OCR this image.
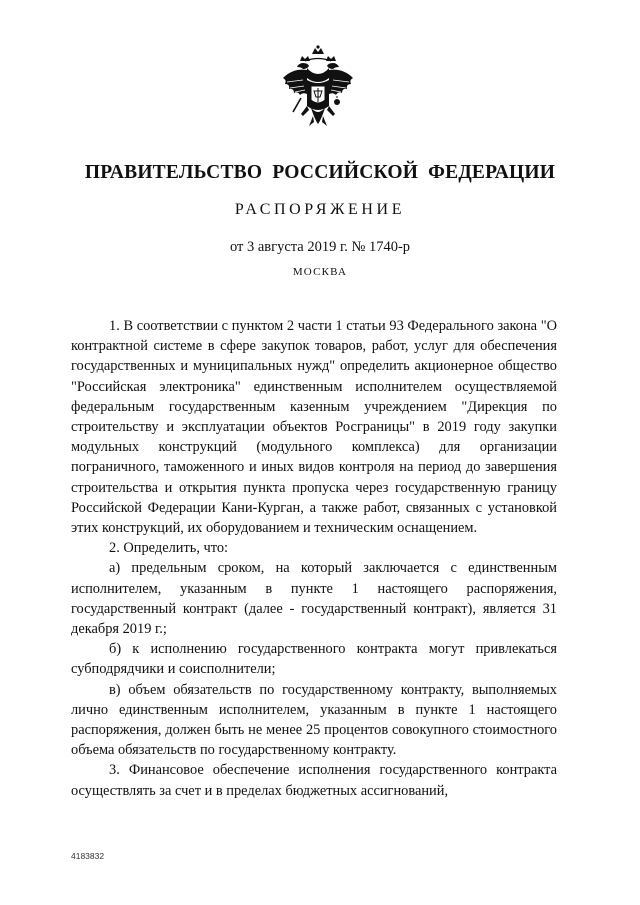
ПРАВИТЕЛЬСТВО РОССИЙСКОЙ ФЕДЕРАЦИИ
РАСПОРЯЖЕНИЕ
от 3 августа 2019 г. № 1740-р
МОСКВА

1. В соответствии с пунктом 2 части 1 статьи 93 Федерального закона "О контрактной системе в сфере закупок товаров, работ, услуг для обеспечения государственных и муниципальных нужд" определить акционерное общество "Российская электроника" единственным исполнителем осуществляемой федеральным государственным казенным учреждением "Дирекция по строительству и эксплуатации объектов Росграницы" в 2019 году закупки модульных конструкций (модульного комплекса) для организации пограничного, таможенного и иных видов контроля на период до завершения строительства и открытия пункта пропуска через государственную границу Российской Федерации Кани-Курган, а также работ, связанных с установкой этих конструкций, их оборудованием и техническим оснащением.

2. Определить, что:

а) предельным сроком, на который заключается с единственным исполнителем, указанным в пункте 1 настоящего распоряжения, государственный контракт (далее - государственный контракт), является 31 декабря 2019 г.;

б) к исполнению государственного контракта могут привлекаться субподрядчики и соисполнители;

в) объем обязательств по государственному контракту, выполняемых лично единственным исполнителем, указанным в пункте 1 настоящего распоряжения, должен быть не менее 25 процентов совокупного стоимостного объема обязательств по государственному контракту.

3. Финансовое обеспечение исполнения государственного контракта осуществлять за счет и в пределах бюджетных ассигнований,

4183832
